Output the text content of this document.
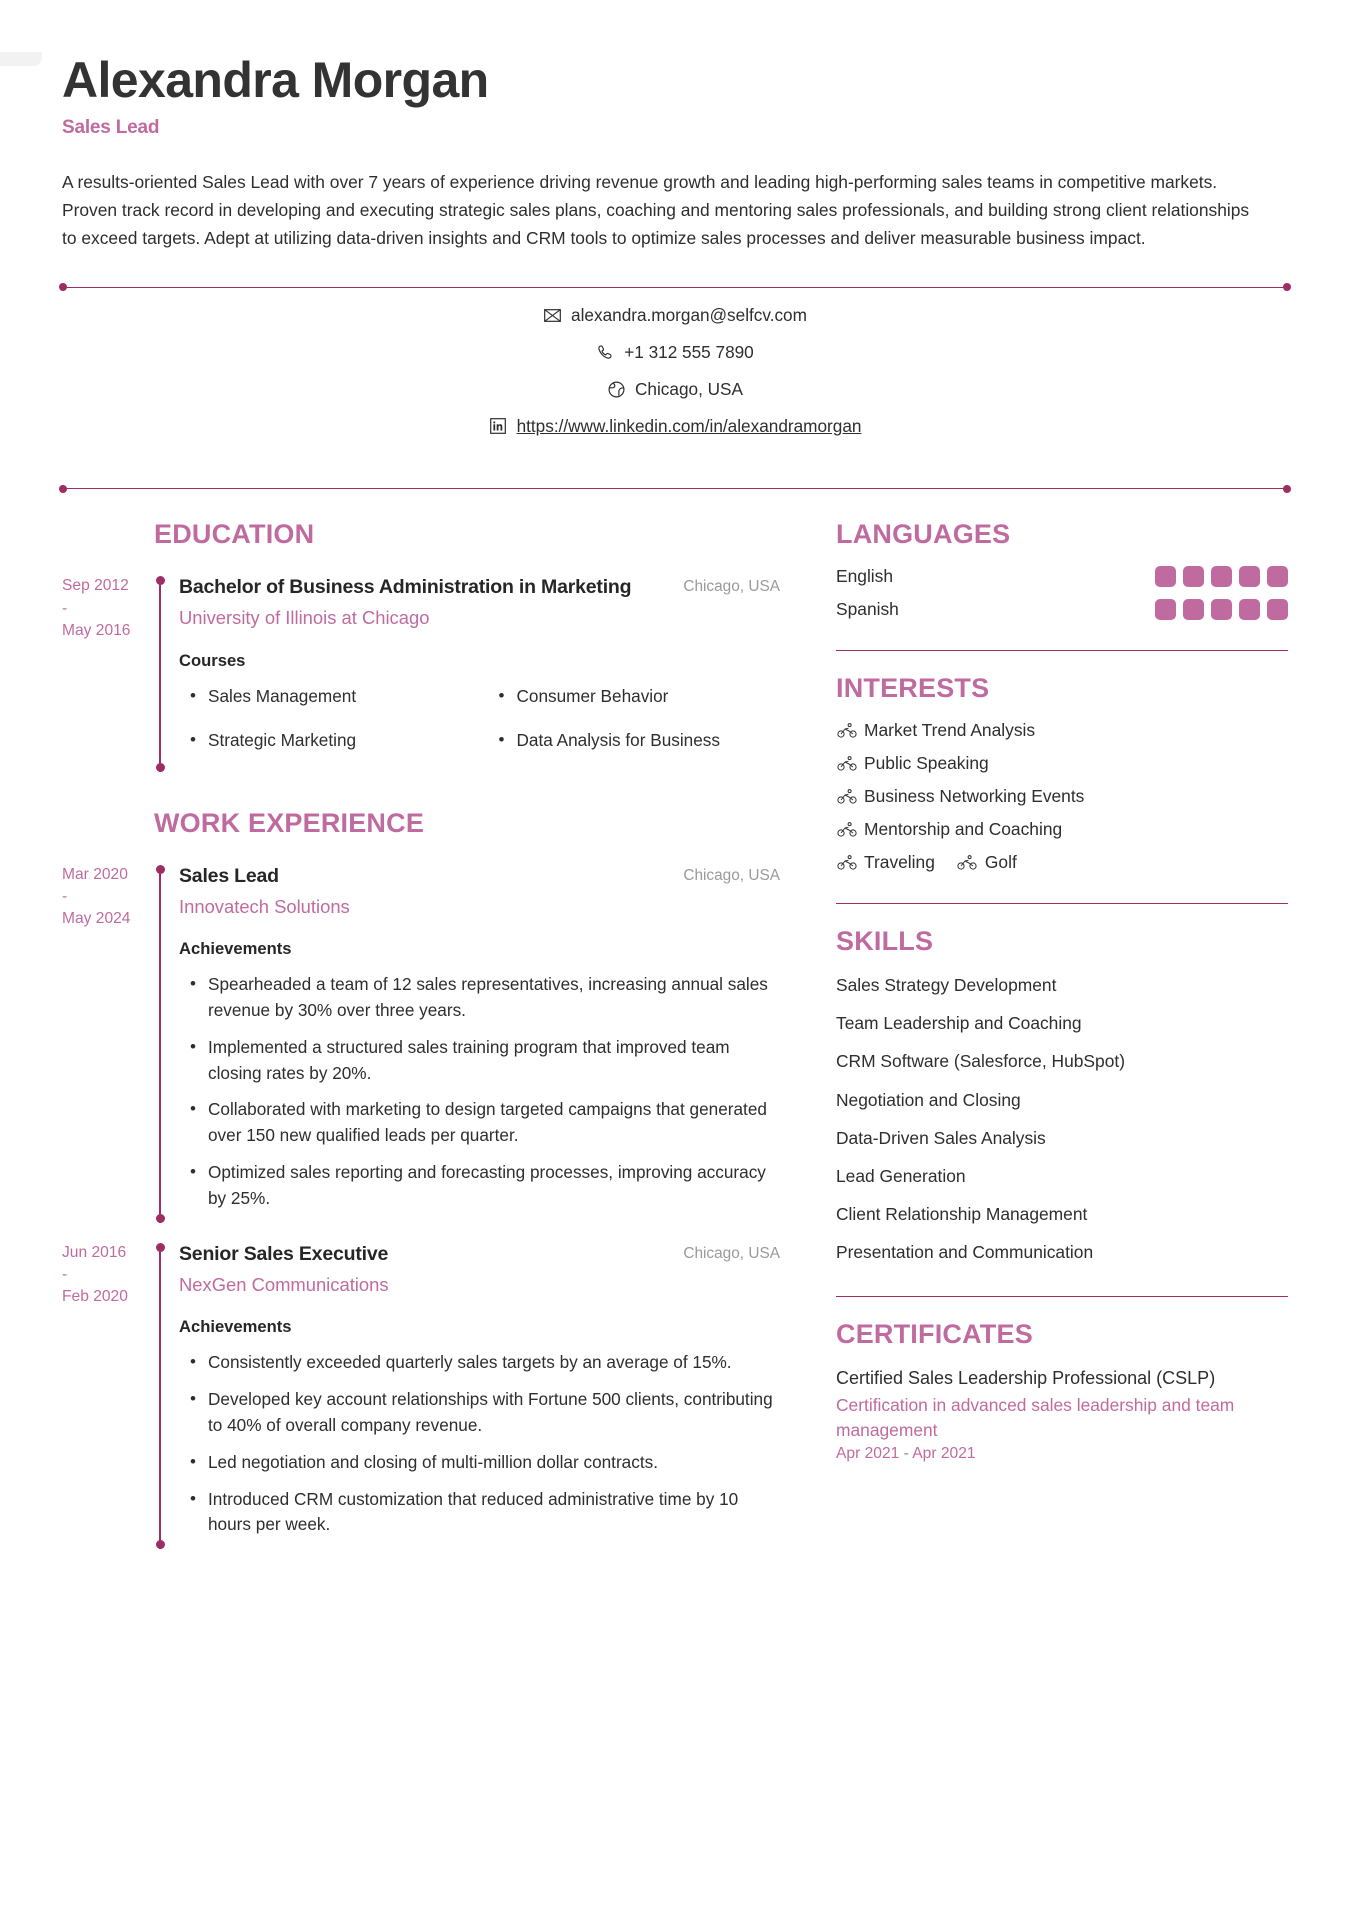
Alexandra Morgan
Sales Lead

A results-oriented Sales Lead with over 7 years of experience driving revenue growth and leading high-performing sales teams in competitive markets. Proven track record in developing and executing strategic sales plans, coaching and mentoring sales professionals, and building strong client relationships to exceed targets. Adept at utilizing data-driven insights and CRM tools to optimize sales processes and deliver measurable business impact.

alexandra.morgan@selfcv.com
+1 312 555 7890
Chicago, USA
https://www.linkedin.com/in/alexandramorgan
EDUCATION
Sep 2012
-
May 2016
Bachelor of Business Administration in Marketing	Chicago, USA
University of Illinois at Chicago
Courses
• Sales Management	• Consumer Behavior
• Strategic Marketing	• Data Analysis for Business
WORK EXPERIENCE
Mar 2020
-
May 2024
Sales Lead	Chicago, USA
Innovatech Solutions
Achievements
• Spearheaded a team of 12 sales representatives, increasing annual sales revenue by 30% over three years.
• Implemented a structured sales training program that improved team closing rates by 20%.
• Collaborated with marketing to design targeted campaigns that generated over 150 new qualified leads per quarter.
• Optimized sales reporting and forecasting processes, improving accuracy by 25%.
Jun 2016
-
Feb 2020
Senior Sales Executive	Chicago, USA
NexGen Communications
Achievements
• Consistently exceeded quarterly sales targets by an average of 15%.
• Developed key account relationships with Fortune 500 clients, contributing to 40% of overall company revenue.
• Led negotiation and closing of multi-million dollar contracts.
• Introduced CRM customization that reduced administrative time by 10 hours per week.
LANGUAGES
English
Spanish
INTERESTS
Market Trend Analysis
Public Speaking
Business Networking Events
Mentorship and Coaching
Traveling	Golf
SKILLS
Sales Strategy Development
Team Leadership and Coaching
CRM Software (Salesforce, HubSpot)
Negotiation and Closing
Data-Driven Sales Analysis
Lead Generation
Client Relationship Management
Presentation and Communication
CERTIFICATES
Certified Sales Leadership Professional (CSLP)
Certification in advanced sales leadership and team management
Apr 2021 - Apr 2021
